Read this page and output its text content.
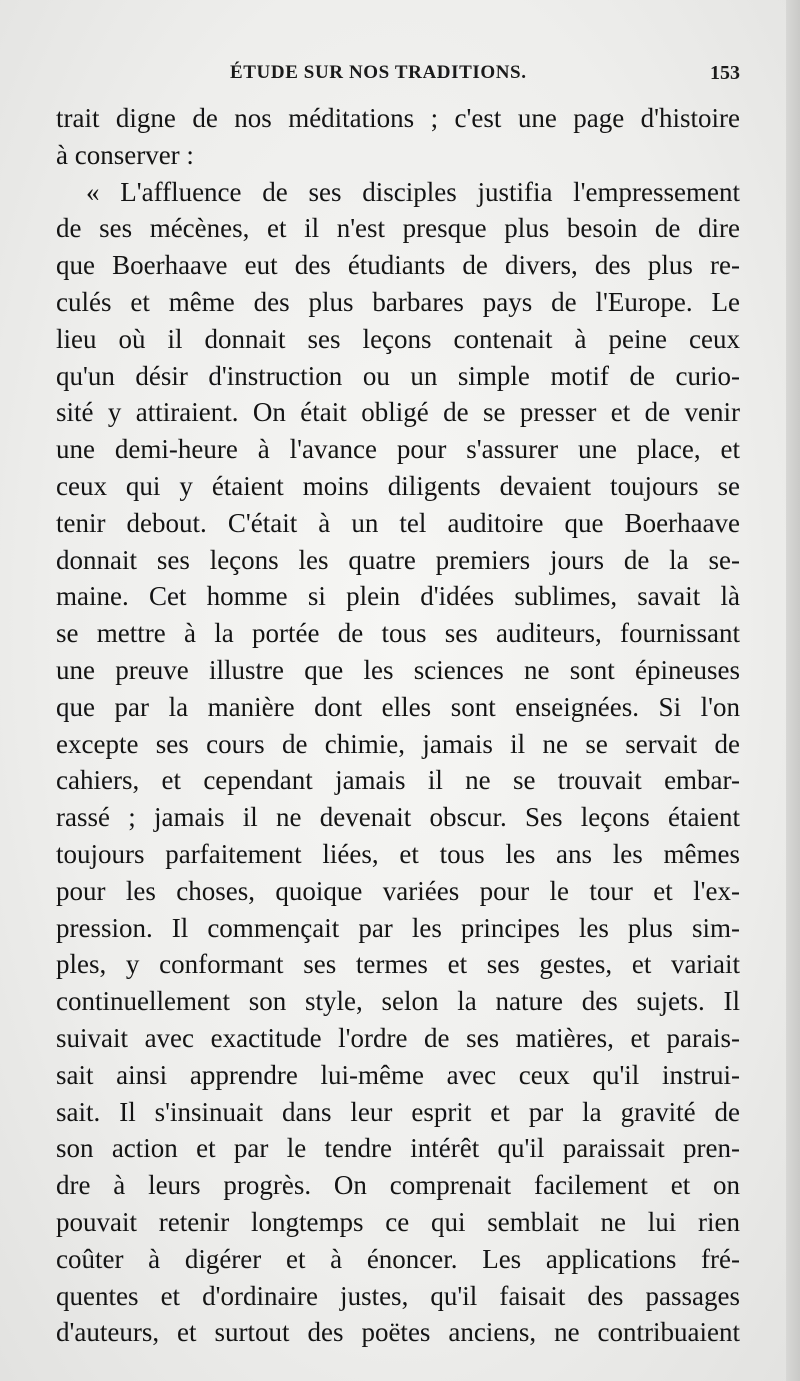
ÉTUDE SUR NOS TRADITIONS.	153
trait digne de nos méditations ; c'est une page d'histoire
à conserver :
« L'affluence de ses disciples justifia l'empressement
de ses mécènes, et il n'est presque plus besoin de dire
que Boerhaave eut des étudiants de divers, des plus re-
culés et même des plus barbares pays de l'Europe. Le
lieu où il donnait ses leçons contenait à peine ceux
qu'un désir d'instruction ou un simple motif de curio-
sité y attiraient. On était obligé de se presser et de venir
une demi-heure à l'avance pour s'assurer une place, et
ceux qui y étaient moins diligents devaient toujours se
tenir debout. C'était à un tel auditoire que Boerhaave
donnait ses leçons les quatre premiers jours de la se-
maine. Cet homme si plein d'idées sublimes, savait là
se mettre à la portée de tous ses auditeurs, fournissant
une preuve illustre que les sciences ne sont épineuses
que par la manière dont elles sont enseignées. Si l'on
excepte ses cours de chimie, jamais il ne se servait de
cahiers, et cependant jamais il ne se trouvait embar-
rassé ; jamais il ne devenait obscur. Ses leçons étaient
toujours parfaitement liées, et tous les ans les mêmes
pour les choses, quoique variées pour le tour et l'ex-
pression. Il commençait par les principes les plus sim-
ples, y conformant ses termes et ses gestes, et variait
continuellement son style, selon la nature des sujets. Il
suivait avec exactitude l'ordre de ses matières, et parais-
sait ainsi apprendre lui-même avec ceux qu'il instrui-
sait. Il s'insinuait dans leur esprit et par la gravité de
son action et par le tendre intérêt qu'il paraissait pren-
dre à leurs progrès. On comprenait facilement et on
pouvait retenir longtemps ce qui semblait ne lui rien
coûter à digérer et à énoncer. Les applications fré-
quentes et d'ordinaire justes, qu'il faisait des passages
d'auteurs, et surtout des poëtes anciens, ne contribuaient
